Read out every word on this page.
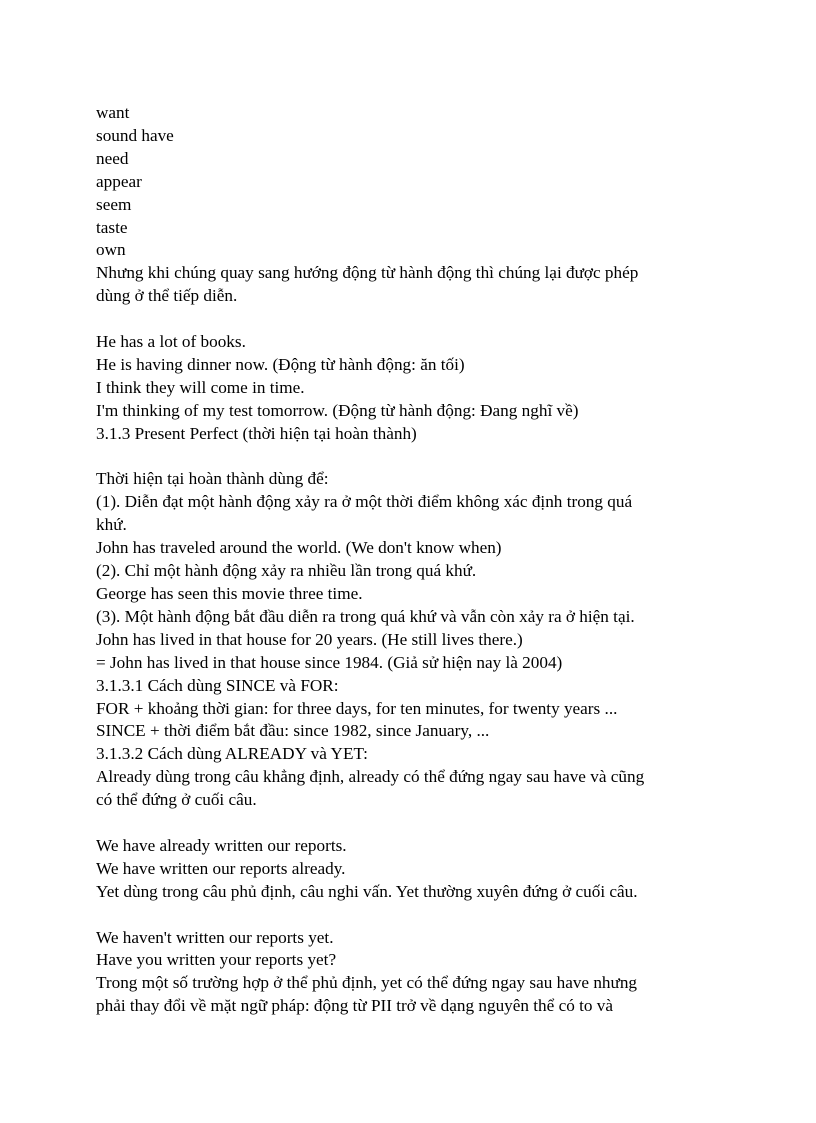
want
sound have
need
appear
seem
taste
own
Nhưng khi chúng quay sang hướng động từ hành động thì chúng lại được phép
dùng ở thể tiếp diễn.
He has a lot of books.
He is having dinner now. (Động từ hành động: ăn tối)
I think they will come in time.
I'm thinking of my test tomorrow. (Động từ hành động: Đang nghĩ về)
3.1.3 Present Perfect (thời hiện tại hoàn thành)
Thời hiện tại hoàn thành dùng để:
(1). Diễn đạt một hành động xảy ra ở một thời điểm không xác định trong quá
khứ.
John has traveled around the world. (We don't know when)
(2). Chỉ một hành động xảy ra nhiều lần trong quá khứ.
George has seen this movie three time.
(3). Một hành động bắt đầu diễn ra trong quá khứ và vẫn còn xảy ra ở hiện tại.
John has lived in that house for 20 years. (He still lives there.)
= John has lived in that house since 1984. (Giả sử hiện nay là 2004)
3.1.3.1 Cách dùng SINCE và FOR:
FOR + khoảng thời gian: for three days, for ten minutes, for twenty years ...
SINCE + thời điểm bắt đầu: since 1982, since January, ...
3.1.3.2 Cách dùng ALREADY và YET:
Already dùng trong câu khẳng định, already có thể đứng ngay sau have và cũng
có thể đứng ở cuối câu.
We have already written our reports.
We have written our reports already.
Yet dùng trong câu phủ định, câu nghi vấn. Yet thường xuyên đứng ở cuối câu.
We haven't written our reports yet.
Have you written your reports yet?
Trong một số trường hợp ở thể phủ định, yet có thể đứng ngay sau have nhưng
phải thay đổi về mặt ngữ pháp: động từ PII trở về dạng nguyên thể có to và
